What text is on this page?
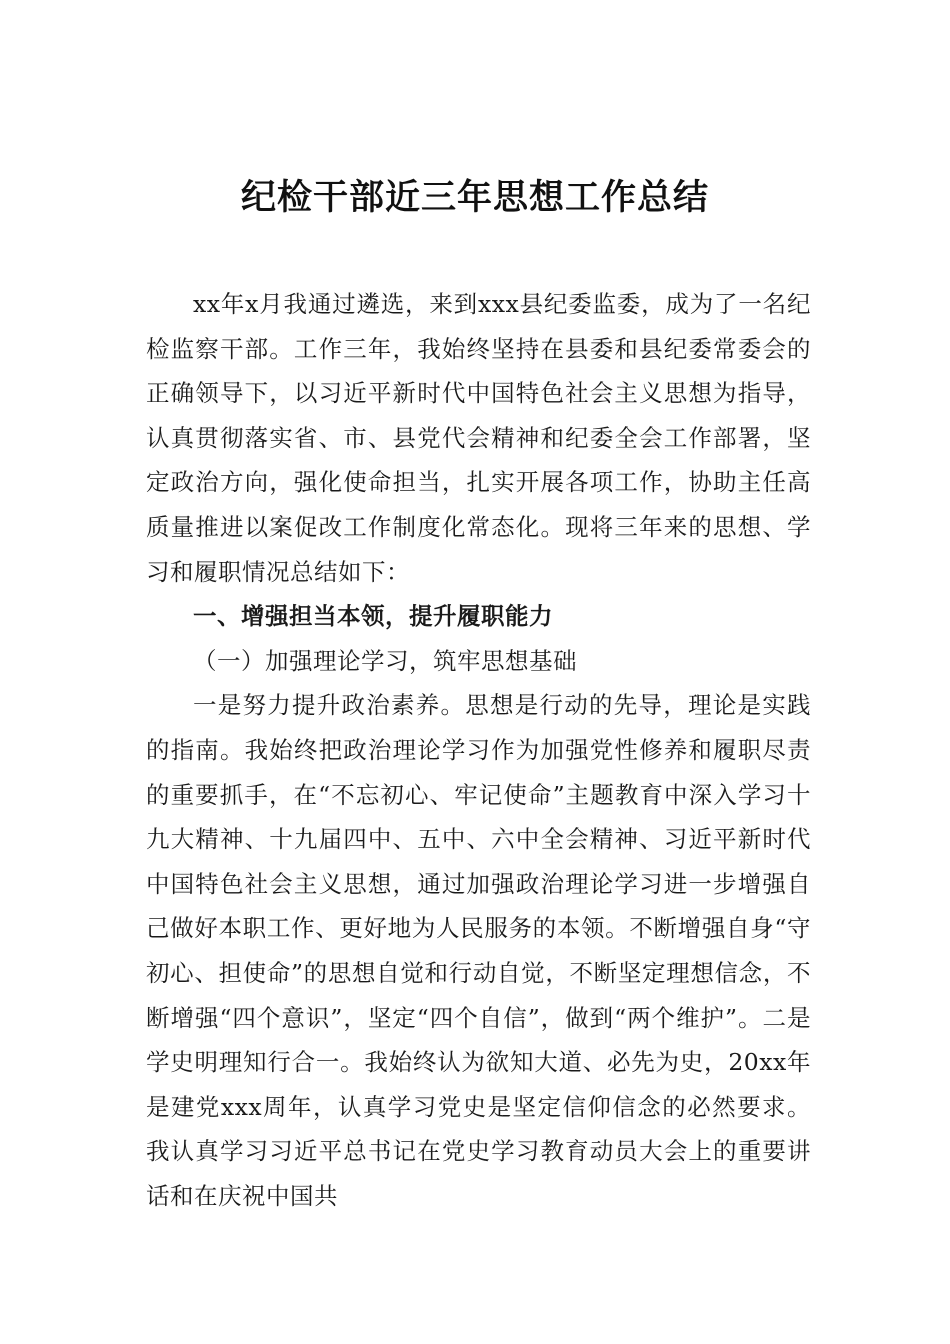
纪检干部近三年思想工作总结

xx年x月我通过遴选，来到xxx县纪委监委，成为了一名纪检监察干部。工作三年，我始终坚持在县委和县纪委常委会的正确领导下，以习近平新时代中国特色社会主义思想为指导，认真贯彻落实省、市、县党代会精神和纪委全会工作部署，坚定政治方向，强化使命担当，扎实开展各项工作，协助主任高质量推进以案促改工作制度化常态化。现将三年来的思想、学习和履职情况总结如下：

一、增强担当本领，提升履职能力

（一）加强理论学习，筑牢思想基础

一是努力提升政治素养。思想是行动的先导，理论是实践的指南。我始终把政治理论学习作为加强党性修养和履职尽责的重要抓手，在“不忘初心、牢记使命”主题教育中深入学习十九大精神、十九届四中、五中、六中全会精神、习近平新时代中国特色社会主义思想，通过加强政治理论学习进一步增强自己做好本职工作、更好地为人民服务的本领。不断增强自身“守初心、担使命”的思想自觉和行动自觉，不断坚定理想信念，不断增强“四个意识”，坚定“四个自信”，做到“两个维护”。二是学史明理知行合一。我始终认为欲知大道、必先为史，20xx年是建党xxx周年，认真学习党史是坚定信仰信念的必然要求。我认真学习习近平总书记在党史学习教育动员大会上的重要讲话和在庆祝中国共
